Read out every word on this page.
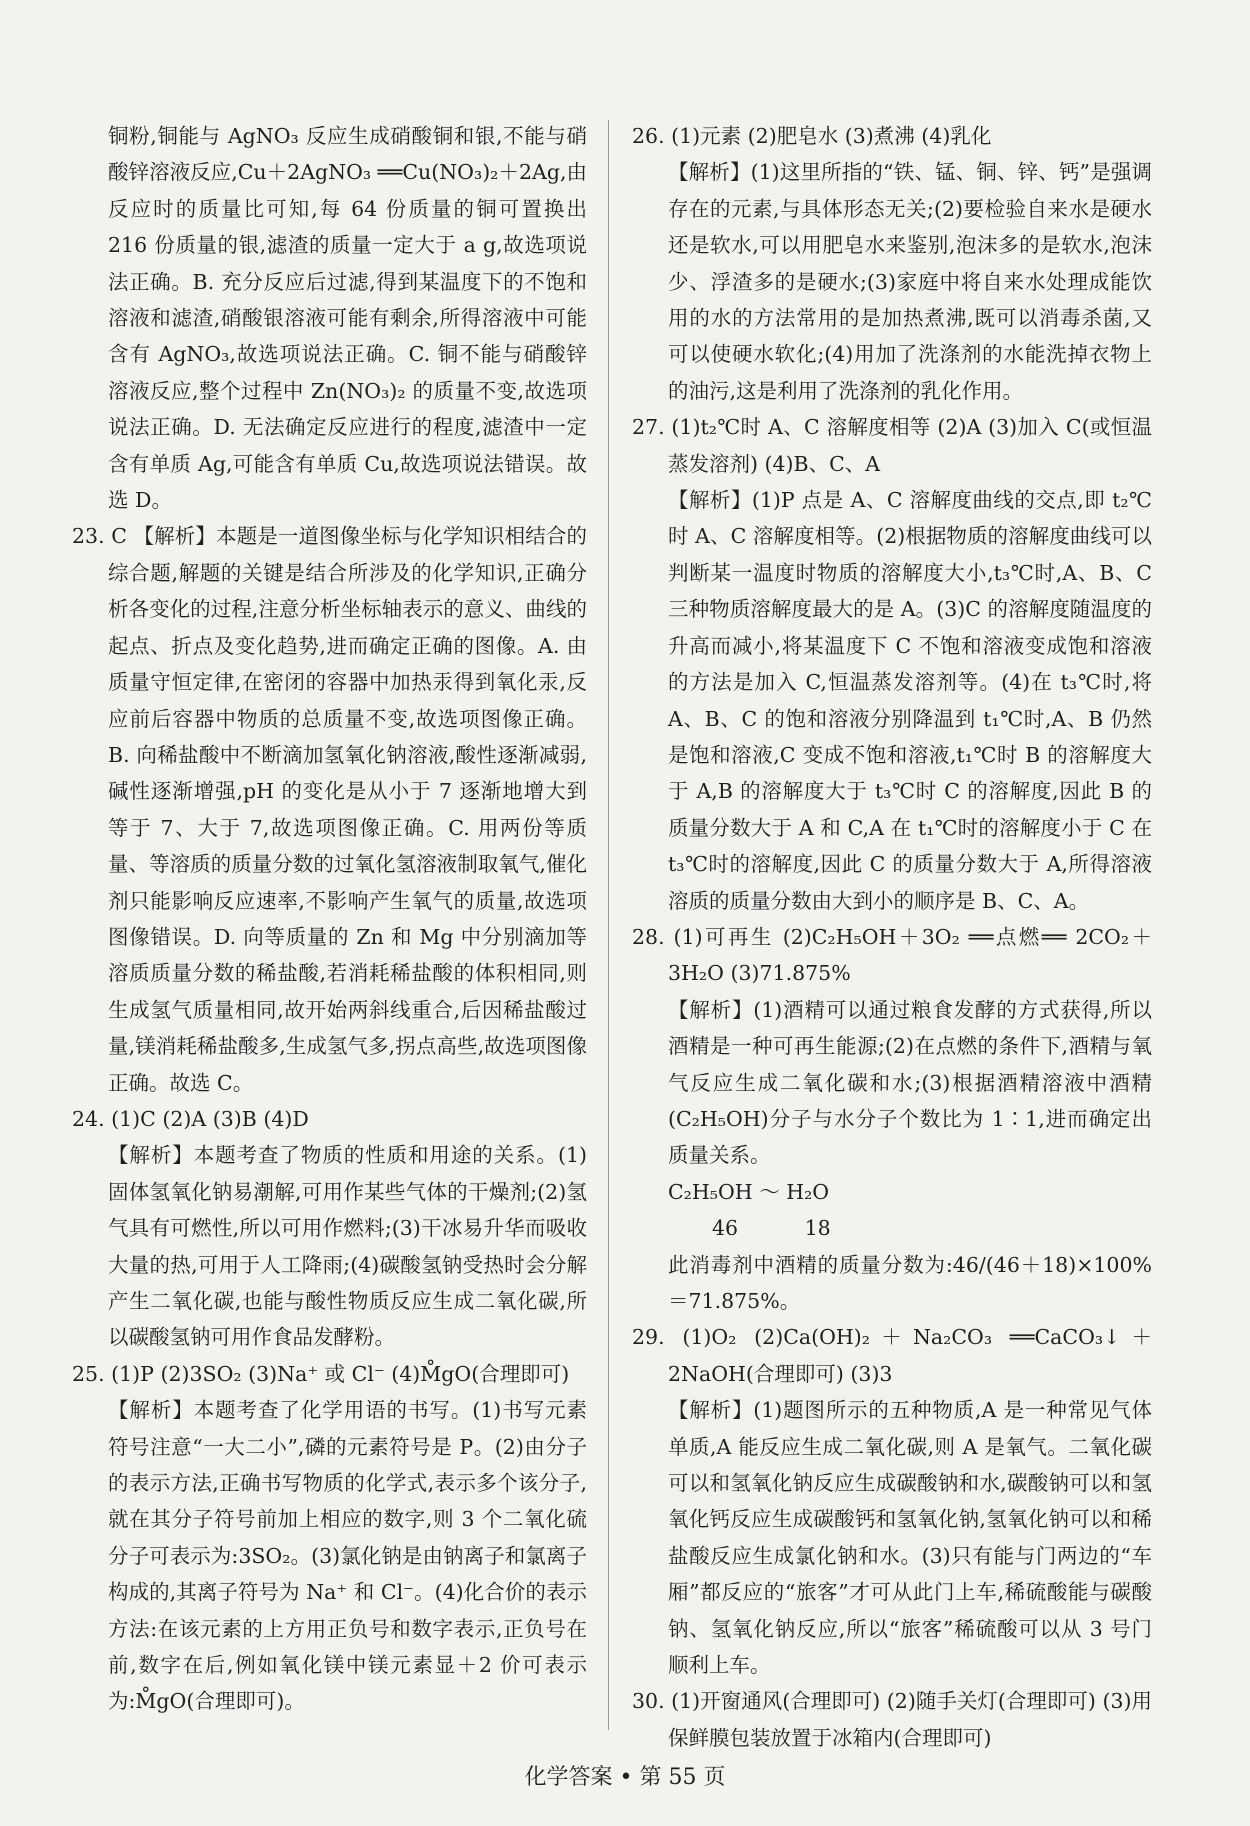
铜粉,铜能与 AgNO₃ 反应生成硝酸铜和银,不能与硝酸锌溶液反应,Cu＋2AgNO₃ ══Cu(NO₃)₂＋2Ag,由反应时的质量比可知,每 64 份质量的铜可置换出 216 份质量的银,滤渣的质量一定大于 a g,故选项说法正确。B. 充分反应后过滤,得到某温度下的不饱和溶液和滤渣,硝酸银溶液可能有剩余,所得溶液中可能含有 AgNO₃,故选项说法正确。C. 铜不能与硝酸锌溶液反应,整个过程中 Zn(NO₃)₂ 的质量不变,故选项说法正确。D. 无法确定反应进行的程度,滤渣中一定含有单质 Ag,可能含有单质 Cu,故选项说法错误。故选 D。

23. C 【解析】本题是一道图像坐标与化学知识相结合的综合题,解题的关键是结合所涉及的化学知识,正确分析各变化的过程,注意分析坐标轴表示的意义、曲线的起点、折点及变化趋势,进而确定正确的图像。A. 由质量守恒定律,在密闭的容器中加热汞得到氧化汞,反应前后容器中物质的总质量不变,故选项图像正确。B. 向稀盐酸中不断滴加氢氧化钠溶液,酸性逐渐减弱,碱性逐渐增强,pH 的变化是从小于 7 逐渐地增大到等于 7、大于 7,故选项图像正确。C. 用两份等质量、等溶质的质量分数的过氧化氢溶液制取氧气,催化剂只能影响反应速率,不影响产生氧气的质量,故选项图像错误。D. 向等质量的 Zn 和 Mg 中分别滴加等溶质质量分数的稀盐酸,若消耗稀盐酸的体积相同,则生成氢气质量相同,故开始两斜线重合,后因稀盐酸过量,镁消耗稀盐酸多,生成氢气多,拐点高些,故选项图像正确。故选 C。

24. (1)C (2)A (3)B (4)D

【解析】本题考查了物质的性质和用途的关系。(1)固体氢氧化钠易潮解,可用作某些气体的干燥剂;(2)氢气具有可燃性,所以可用作燃料;(3)干冰易升华而吸收大量的热,可用于人工降雨;(4)碳酸氢钠受热时会分解产生二氧化碳,也能与酸性物质反应生成二氧化碳,所以碳酸氢钠可用作食品发酵粉。

25. (1)P (2)3SO₂ (3)Na⁺ 或 Cl⁻ (4)M̊gO(合理即可)

【解析】本题考查了化学用语的书写。(1)书写元素符号注意“一大二小”,磷的元素符号是 P。(2)由分子的表示方法,正确书写物质的化学式,表示多个该分子,就在其分子符号前加上相应的数字,则 3 个二氧化硫分子可表示为:3SO₂。(3)氯化钠是由钠离子和氯离子构成的,其离子符号为 Na⁺ 和 Cl⁻。(4)化合价的表示方法:在该元素的上方用正负号和数字表示,正负号在前,数字在后,例如氧化镁中镁元素显＋2 价可表示为:M̊gO(合理即可)。

26. (1)元素 (2)肥皂水 (3)煮沸 (4)乳化

【解析】(1)这里所指的“铁、锰、铜、锌、钙”是强调存在的元素,与具体形态无关;(2)要检验自来水是硬水还是软水,可以用肥皂水来鉴别,泡沫多的是软水,泡沫少、浮渣多的是硬水;(3)家庭中将自来水处理成能饮用的水的方法常用的是加热煮沸,既可以消毒杀菌,又可以使硬水软化;(4)用加了洗涤剂的水能洗掉衣物上的油污,这是利用了洗涤剂的乳化作用。

27. (1)t₂℃时 A、C 溶解度相等 (2)A (3)加入 C(或恒温蒸发溶剂) (4)B、C、A

【解析】(1)P 点是 A、C 溶解度曲线的交点,即 t₂℃时 A、C 溶解度相等。(2)根据物质的溶解度曲线可以判断某一温度时物质的溶解度大小,t₃℃时,A、B、C 三种物质溶解度最大的是 A。(3)C 的溶解度随温度的升高而减小,将某温度下 C 不饱和溶液变成饱和溶液的方法是加入 C,恒温蒸发溶剂等。(4)在 t₃℃时,将 A、B、C 的饱和溶液分别降温到 t₁℃时,A、B 仍然是饱和溶液,C 变成不饱和溶液,t₁℃时 B 的溶解度大于 A,B 的溶解度大于 t₃℃时 C 的溶解度,因此 B 的质量分数大于 A 和 C,A 在 t₁℃时的溶解度小于 C 在 t₃℃时的溶解度,因此 C 的质量分数大于 A,所得溶液溶质的质量分数由大到小的顺序是 B、C、A。

28. (1)可再生 (2)C₂H₅OH＋3O₂ ══点燃══ 2CO₂＋3H₂O (3)71.875%

【解析】(1)酒精可以通过粮食发酵的方式获得,所以酒精是一种可再生能源;(2)在点燃的条件下,酒精与氧气反应生成二氧化碳和水;(3)根据酒精溶液中酒精(C₂H₅OH)分子与水分子个数比为 1∶1,进而确定出质量关系。

C₂H₅OH ～ H₂O

46 18

此消毒剂中酒精的质量分数为:46/(46＋18)×100%＝71.875%。

29. (1)O₂ (2)Ca(OH)₂＋Na₂CO₃ ══CaCO₃↓＋2NaOH(合理即可) (3)3

【解析】(1)题图所示的五种物质,A 是一种常见气体单质,A 能反应生成二氧化碳,则 A 是氧气。二氧化碳可以和氢氧化钠反应生成碳酸钠和水,碳酸钠可以和氢氧化钙反应生成碳酸钙和氢氧化钠,氢氧化钠可以和稀盐酸反应生成氯化钠和水。(3)只有能与门两边的“车厢”都反应的“旅客”才可从此门上车,稀硫酸能与碳酸钠、氢氧化钠反应,所以“旅客”稀硫酸可以从 3 号门顺利上车。

30. (1)开窗通风(合理即可) (2)随手关灯(合理即可) (3)用保鲜膜包装放置于冰箱内(合理即可)

化学答案 • 第 55 页
